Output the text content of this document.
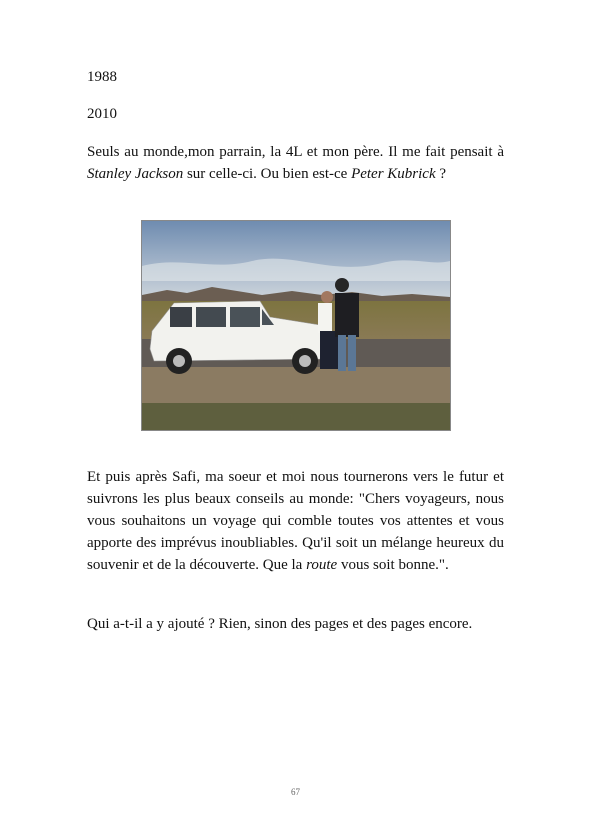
1988
2010

Seuls au monde,mon parrain, la 4L et mon père. Il me fait pensait à Stanley Jackson sur celle-ci. Ou bien est-ce Peter Kubrick ?

Et puis après Safi, ma soeur et moi nous tournerons vers le futur et suivrons les plus beaux conseils au monde: "Chers voyageurs, nous vous souhaitons un voyage qui comble toutes vos attentes et vous apporte des imprévus inoubliables. Qu'il soit un mélange heureux du souvenir et de la découverte. Que la route vous soit bonne.".

Qui a-t-il a y ajouté ? Rien, sinon des pages et des pages encore.

67
